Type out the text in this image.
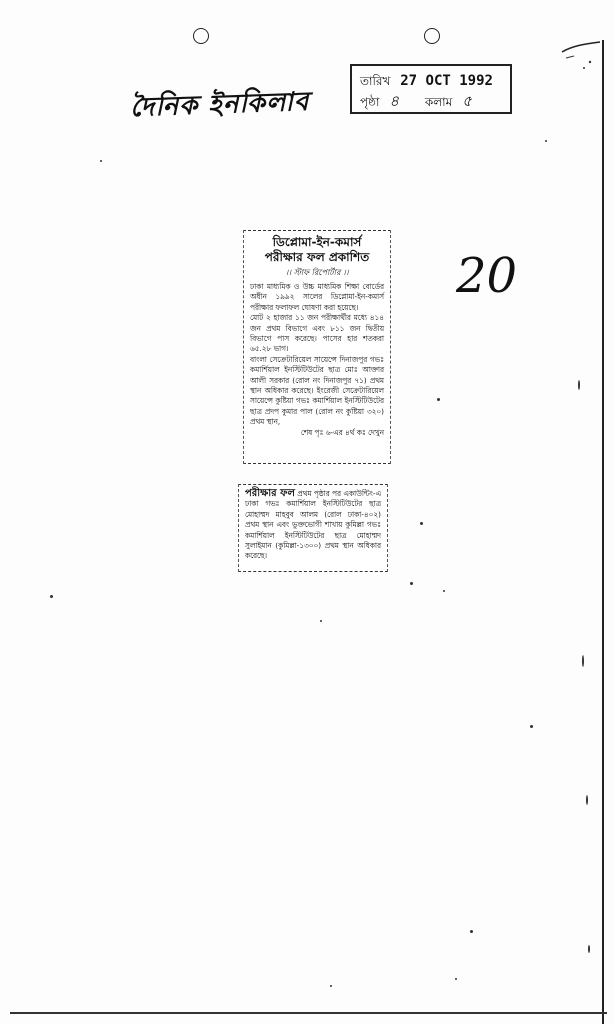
দৈনিক ইনকিলাব
তারিখ 27 OCT 1992
পৃষ্ঠা ৪ কলাম ৫
20
ডিপ্লোমা-ইন-কমার্স
পরীক্ষার ফল প্রকাশিত
।। স্টাফ রিপোর্টার ।।

ঢাকা মাধ্যমিক ও উচ্চ মাধ্যমিক শিক্ষা বোর্ডের অধীন ১৯৯২ সালের ডিপ্লোমা-ইন-কমার্স পরীক্ষার ফলাফল ঘোষণা করা হয়েছে।

মোট ২ হাজার ১১ জন পরীক্ষার্থীর মধ্যে ৪১৪ জন প্রথম বিভাগে এবং ৮১১ জন দ্বিতীয় বিভাগে পাস করেছে। পাসের হার শতকরা ৬৫.২৮ ভাগ।

বাংলা সেক্রেটারিয়েল সায়েন্সে দিনাজপুর গভঃ কমার্শিয়াল ইনস্টিটিউটের ছাত্র মোঃ আক্তার আলী সরকার (রোল নং দিনাজপুর ৭১) প্রথম স্থান অধিকার করেছে। ইংরেজী সেক্রেটারিয়েল সায়েন্সে কুষ্টিয়া গভঃ কমার্শিয়াল ইনস্টিটিউটের ছাত্র প্রদপ কুমার পাল (রোল নং কুষ্টিয়া ৩২০) প্রথম স্থান,

শেষ পৃঃ ৬-এর ৪র্থ কঃ দেখুন

পরীক্ষার ফল প্রথম পৃষ্ঠার পর একাউন্টিং-এ ঢাকা গভঃ কমার্শিয়াল ইনস্টিটিউটের ছাত্র মোহাম্মদ মাহবুব আলম (রোল ঢাকা-৪০২) প্রথম স্থান এবং ভুক্তভোগী শাখায় কুমিল্লা গভঃ কমার্শিয়াল ইনস্টিটিউটের ছাত্র মোহাম্মদ সুলাইমান (কুমিল্লা-১৩০০) প্রথম স্থান অধিকার করেছে।
